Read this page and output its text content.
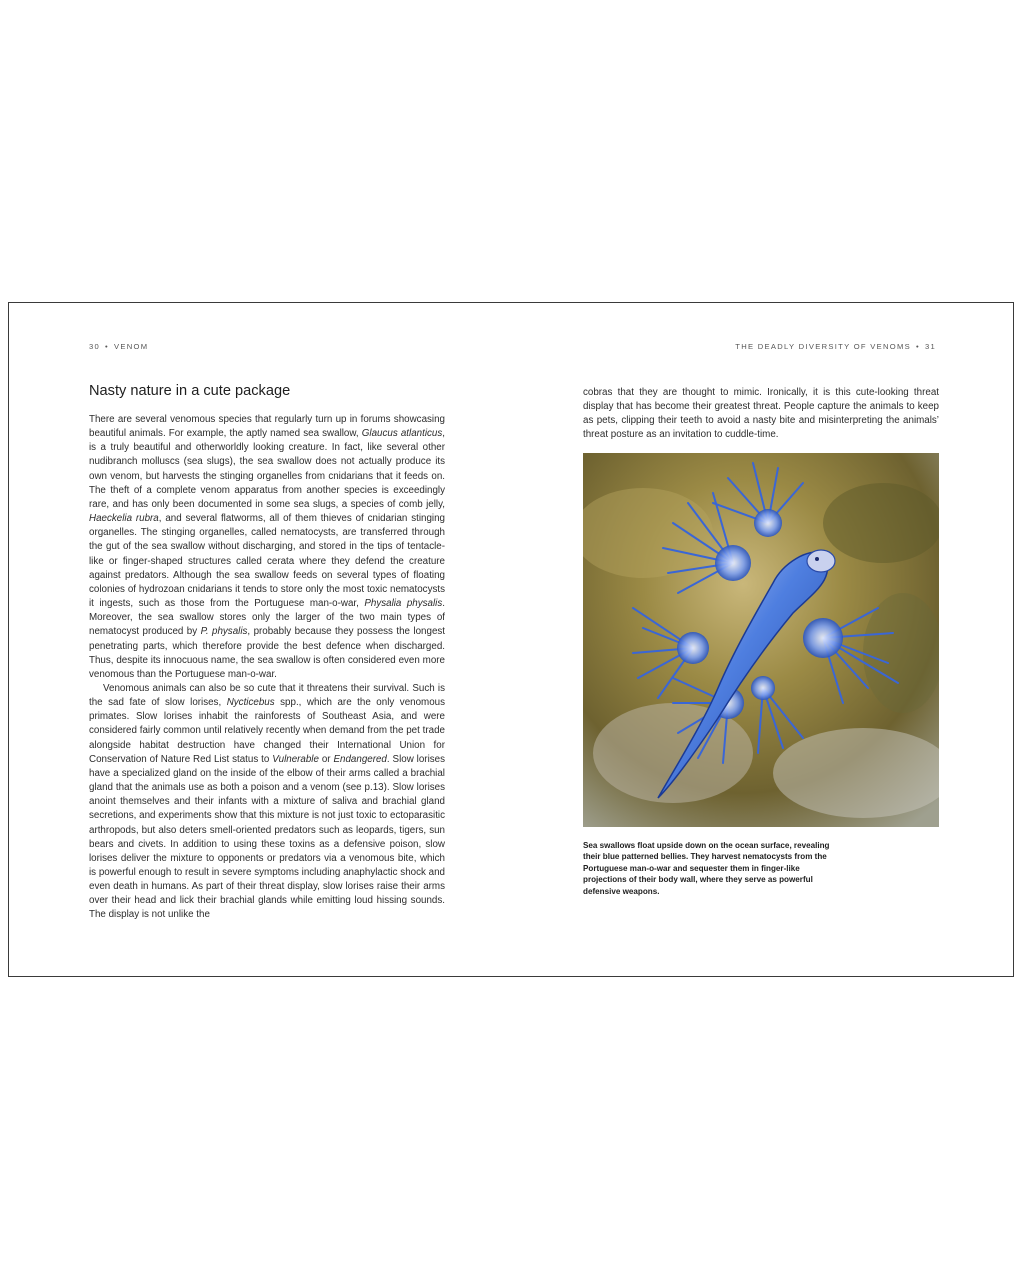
30 • VENOM	THE DEADLY DIVERSITY OF VENOMS • 31
Nasty nature in a cute package

There are several venomous species that regularly turn up in forums showcasing beautiful animals. For example, the aptly named sea swallow, Glaucus atlanticus, is a truly beautiful and otherworldly looking creature. In fact, like several other nudibranch molluscs (sea slugs), the sea swallow does not actually produce its own venom, but harvests the stinging organelles from cnidarians that it feeds on. The theft of a complete venom apparatus from another species is exceedingly rare, and has only been documented in some sea slugs, a species of comb jelly, Haeckelia rubra, and several flatworms, all of them thieves of cnidarian stinging organelles. The stinging organelles, called nematocysts, are transferred through the gut of the sea swallow without discharging, and stored in the tips of tentacle-like or finger-shaped structures called cerata where they defend the creature against predators. Although the sea swallow feeds on several types of floating colonies of hydrozoan cnidarians it tends to store only the most toxic nematocysts it ingests, such as those from the Portuguese man-o-war, Physalia physalis. Moreover, the sea swallow stores only the larger of the two main types of nematocyst produced by P. physalis, probably because they possess the longest penetrating parts, which therefore provide the best defence when discharged. Thus, despite its innocuous name, the sea swallow is often considered even more venomous than the Portuguese man-o-war.

Venomous animals can also be so cute that it threatens their survival. Such is the sad fate of slow lorises, Nycticebus spp., which are the only venomous primates. Slow lorises inhabit the rainforests of Southeast Asia, and were considered fairly common until relatively recently when demand from the pet trade alongside habitat destruction have changed their International Union for Conservation of Nature Red List status to Vulnerable or Endangered. Slow lorises have a specialized gland on the inside of the elbow of their arms called a brachial gland that the animals use as both a poison and a venom (see p.13). Slow lorises anoint themselves and their infants with a mixture of saliva and brachial gland secretions, and experiments show that this mixture is not just toxic to ectoparasitic arthropods, but also deters smell-oriented predators such as leopards, tigers, sun bears and civets. In addition to using these toxins as a defensive poison, slow lorises deliver the mixture to opponents or predators via a venomous bite, which is powerful enough to result in severe symptoms including anaphylactic shock and even death in humans. As part of their threat display, slow lorises raise their arms over their head and lick their brachial glands while emitting loud hissing sounds. The display is not unlike the

cobras that they are thought to mimic. Ironically, it is this cute-looking threat display that has become their greatest threat. People capture the animals to keep as pets, clipping their teeth to avoid a nasty bite and misinterpreting the animals’ threat posture as an invitation to cuddle-time.

Sea swallows float upside down on the ocean surface, revealing their blue patterned bellies. They harvest nematocysts from the Portuguese man-o-war and sequester them in finger-like projections of their body wall, where they serve as powerful defensive weapons.
